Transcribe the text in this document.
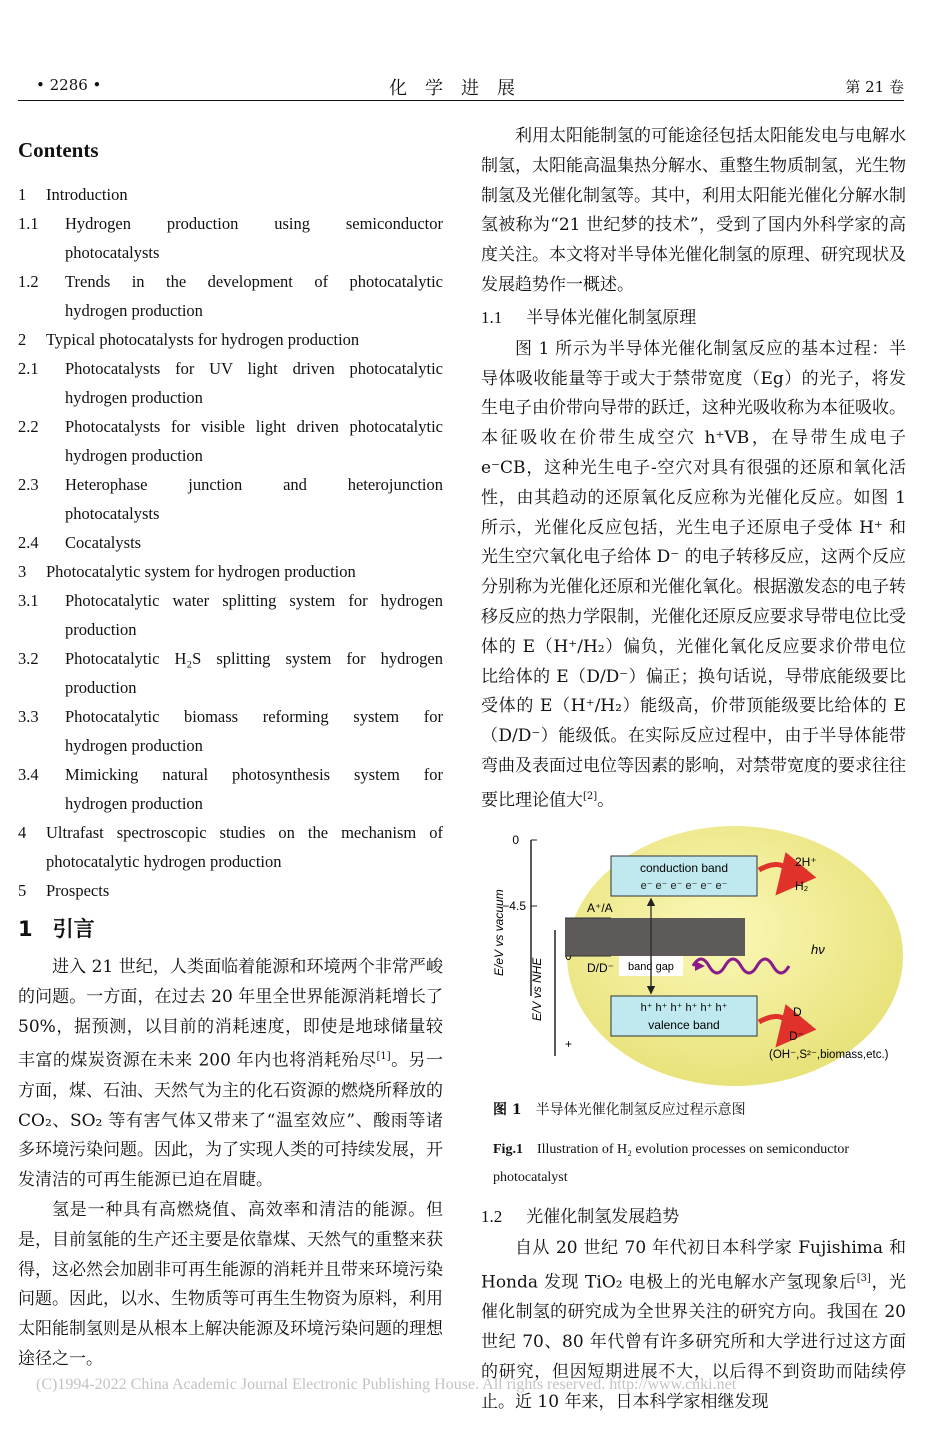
• 2286 •	化学进展	第 21 卷
Contents
1	Introduction
1.1	Hydrogen production using semiconductor
photocatalysts
1.2	Trends in the development of photocatalytic
hydrogen production
2	Typical photocatalysts for hydrogen production
2.1	Photocatalysts for UV light driven photocatalytic
hydrogen production
2.2	Photocatalysts for visible light driven photocatalytic
hydrogen production
2.3	Heterophase junction and heterojunction
photocatalysts
2.4	Cocatalysts
3	Photocatalytic system for hydrogen production
3.1	Photocatalytic water splitting system for hydrogen
production
3.2	Photocatalytic H₂S splitting system for hydrogen
production
3.3	Photocatalytic biomass reforming system for
hydrogen production
3.4	Mimicking natural photosynthesis system for
hydrogen production
4	Ultrafast spectroscopic studies on the mechanism of
photocatalytic hydrogen production
5	Prospects
1 引言

进入 21 世纪，人类面临着能源和环境两个非常严峻的问题。一方面，在过去 20 年里全世界能源消耗增长了 50%，据预测，以目前的消耗速度，即使是地球储量较丰富的煤炭资源在未来 200 年内也将消耗殆尽[1]。另一方面，煤、石油、天然气为主的化石资源的燃烧所释放的 CO₂、SO₂ 等有害气体又带来了“温室效应”、酸雨等诸多环境污染问题。因此，为了实现人类的可持续发展，开发清洁的可再生能源已迫在眉睫。

氢是一种具有高燃烧值、高效率和清洁的能源。但是，目前氢能的生产还主要是依靠煤、天然气的重整来获得，这必然会加剧非可再生能源的消耗并且带来环境污染问题。因此，以水、生物质等可再生生物资为原料，利用太阳能制氢则是从根本上解决能源及环境污染问题的理想途径之一。

利用太阳能制氢的可能途径包括太阳能发电与电解水制氢，太阳能高温集热分解水、重整生物质制氢，光生物制氢及光催化制氢等。其中，利用太阳能光催化分解水制氢被称为“21 世纪梦的技术”，受到了国内外科学家的高度关注。本文将对半导体光催化制氢的原理、研究现状及发展趋势作一概述。

1.1 半导体光催化制氢原理

图 1 所示为半导体光催化制氢反应的基本过程：半导体吸收能量等于或大于禁带宽度（Eg）的光子，将发生电子由价带向导带的跃迁，这种光吸收称为本征吸收。本征吸收在价带生成空穴 h⁺VB，在导带生成电子 e⁻CB，这种光生电子-空穴对具有很强的还原和氧化活性，由其趋动的还原氧化反应称为光催化反应。如图 1 所示，光催化反应包括，光生电子还原电子受体 H⁺ 和光生空穴氧化电子给体 D⁻ 的电子转移反应，这两个反应分别称为光催化还原和光催化氧化。根据激发态的电子转移反应的热力学限制，光催化还原反应要求导带电位比受体的 E（H⁺/H₂）偏负，光催化氧化反应要求价带电位比给体的 E（D/D⁻）偏正；换句话说，导带底能级要比受体的 E（H⁺/H₂）能级高，价带顶能级要比给体的 E（D/D⁻）能级低。在实际反应过程中，由于半导体能带弯曲及表面过电位等因素的影响，对禁带宽度的要求往往要比理论值大[2]。

0
−4.5
E/eV vs vacuum
+
E/V vs NHE
conduction band
e⁻ e⁻ e⁻ e⁻ e⁻ e⁻
h⁺ h⁺ h⁺ h⁺ h⁺ h⁺
valence band
band gap
A⁺/A
D/D⁻
hν
2H⁺
H₂
D
D⁻
(OH⁻,S²⁻,biomass,etc.)
图 1 半导体光催化制氢反应过程示意图
Fig.1 Illustration of H₂ evolution processes on semiconductor photocatalyst
1.2 光催化制氢发展趋势

自从 20 世纪 70 年代初日本科学家 Fujishima 和 Honda 发现 TiO₂ 电极上的光电解水产氢现象后[3]，光催化制氢的研究成为全世界关注的研究方向。我国在 20 世纪 70、80 年代曾有许多研究所和大学进行过这方面的研究，但因短期进展不大，以后得不到资助而陆续停止。近 10 年来，日本科学家相继发现

(C)1994-2022 China Academic Journal Electronic Publishing House. All rights reserved. http://www.cnki.net
